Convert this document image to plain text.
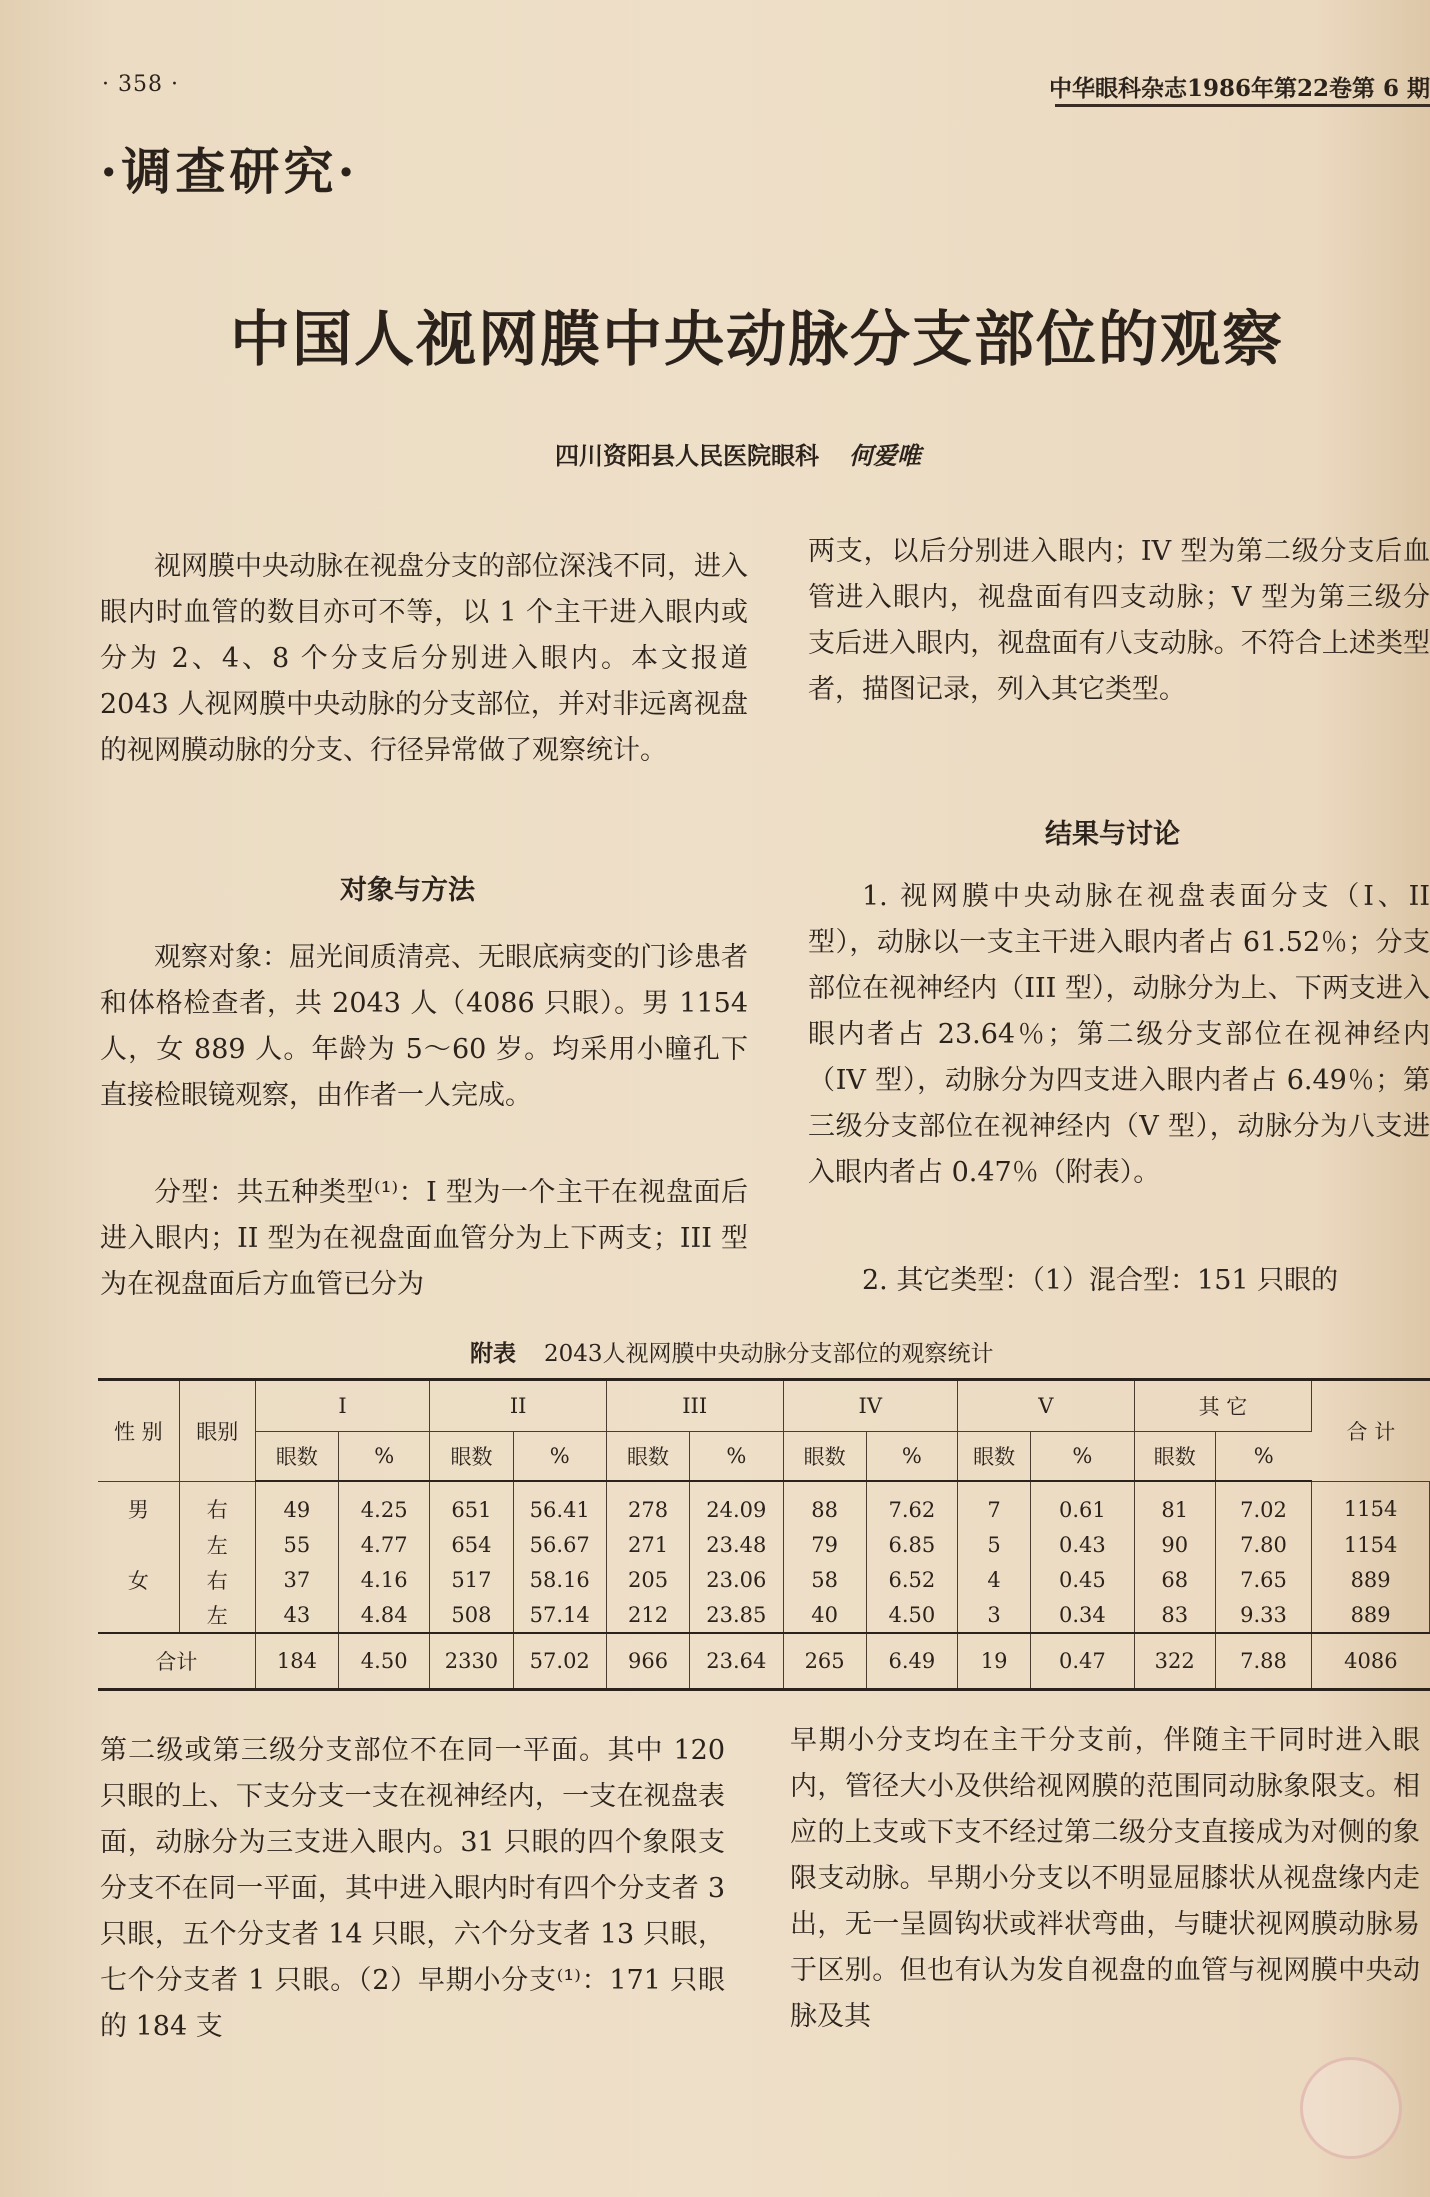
· 358 ·	中华眼科杂志1986年第22卷第 6 期
·调查研究·
中国人视网膜中央动脉分支部位的观察
四川资阳县人民医院眼科 何爱唯
视网膜中央动脉在视盘分支的部位深浅不同，进入眼内时血管的数目亦可不等，以 1 个主干进入眼内或分为 2、4、8 个分支后分别进入眼内。本文报道 2043 人视网膜中央动脉的分支部位，并对非远离视盘的视网膜动脉的分支、行径异常做了观察统计。
对象与方法
观察对象：屈光间质清亮、无眼底病变的门诊患者和体格检查者，共 2043 人（4086 只眼）。男 1154 人，女 889 人。年龄为 5～60 岁。均采用小瞳孔下直接检眼镜观察，由作者一人完成。
分型：共五种类型⁽¹⁾：I 型为一个主干在视盘面后进入眼内；II 型为在视盘面血管分为上下两支；III 型为在视盘面后方血管已分为
两支，以后分别进入眼内；IV 型为第二级分支后血管进入眼内，视盘面有四支动脉；V 型为第三级分支后进入眼内，视盘面有八支动脉。不符合上述类型者，描图记录，列入其它类型。
结果与讨论
1. 视网膜中央动脉在视盘表面分支（I、II 型），动脉以一支主干进入眼内者占 61.52％；分支部位在视神经内（III 型），动脉分为上、下两支进入眼内者占 23.64％；第二级分支部位在视神经内（IV 型），动脉分为四支进入眼内者占 6.49％；第三级分支部位在视神经内（V 型），动脉分为八支进入眼内者占 0.47％（附表）。
2. 其它类型：（1）混合型：151 只眼的
附表 2043人视网膜中央动脉分支部位的观察统计
性 别	眼别	I		II		III		IV		V		其 它		合 计
		眼数	%	眼数	%	眼数	%	眼数	%	眼数	%	眼数	%	
男	右	49	4.25	651	56.41	278	24.09	88	7.62	7	0.61	81	7.02	1154
	左	55	4.77	654	56.67	271	23.48	79	6.85	5	0.43	90	7.80	1154
女	右	37	4.16	517	58.16	205	23.06	58	6.52	4	0.45	68	7.65	889
	左	43	4.84	508	57.14	212	23.85	40	4.50	3	0.34	83	9.33	889
合计		184	4.50	2330	57.02	966	23.64	265	6.49	19	0.47	322	7.88	4086
第二级或第三级分支部位不在同一平面。其中 120 只眼的上、下支分支一支在视神经内，一支在视盘表面，动脉分为三支进入眼内。31 只眼的四个象限支分支不在同一平面，其中进入眼内时有四个分支者 3 只眼，五个分支者 14 只眼，六个分支者 13 只眼，七个分支者 1 只眼。（2）早期小分支⁽¹⁾：171 只眼的 184 支
早期小分支均在主干分支前，伴随主干同时进入眼内，管径大小及供给视网膜的范围同动脉象限支。相应的上支或下支不经过第二级分支直接成为对侧的象限支动脉。早期小分支以不明显屈膝状从视盘缘内走出，无一呈圆钩状或袢状弯曲，与睫状视网膜动脉易于区别。但也有认为发自视盘的血管与视网膜中央动脉及其
